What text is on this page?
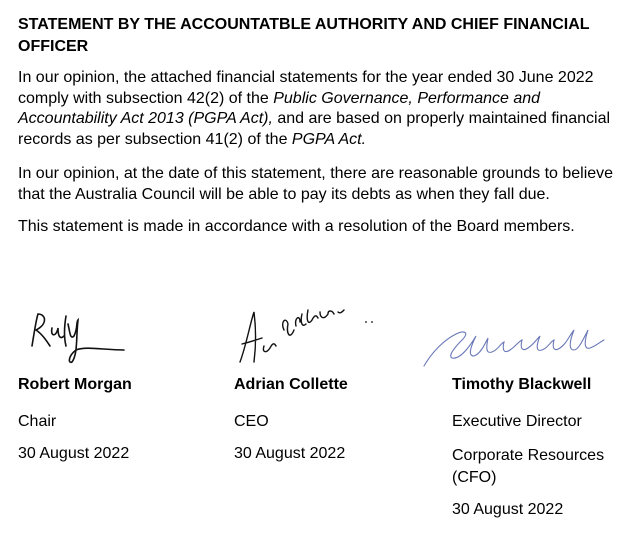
STATEMENT BY THE ACCOUNTATBLE AUTHORITY AND CHIEF FINANCIAL OFFICER

In our opinion, the attached financial statements for the year ended 30 June 2022 comply with subsection 42(2) of the Public Governance, Performance and Accountability Act 2013 (PGPA Act), and are based on properly maintained financial records as per subsection 41(2) of the PGPA Act.

In our opinion, at the date of this statement, there are reasonable grounds to believe that the Australia Council will be able to pay its debts as when they fall due.

This statement is made in accordance with a resolution of the Board members.

Robert Morgan
Chair
30 August 2022
Adrian Collette
CEO
30 August 2022
Timothy Blackwell
Executive Director
Corporate Resources (CFO)
30 August 2022
